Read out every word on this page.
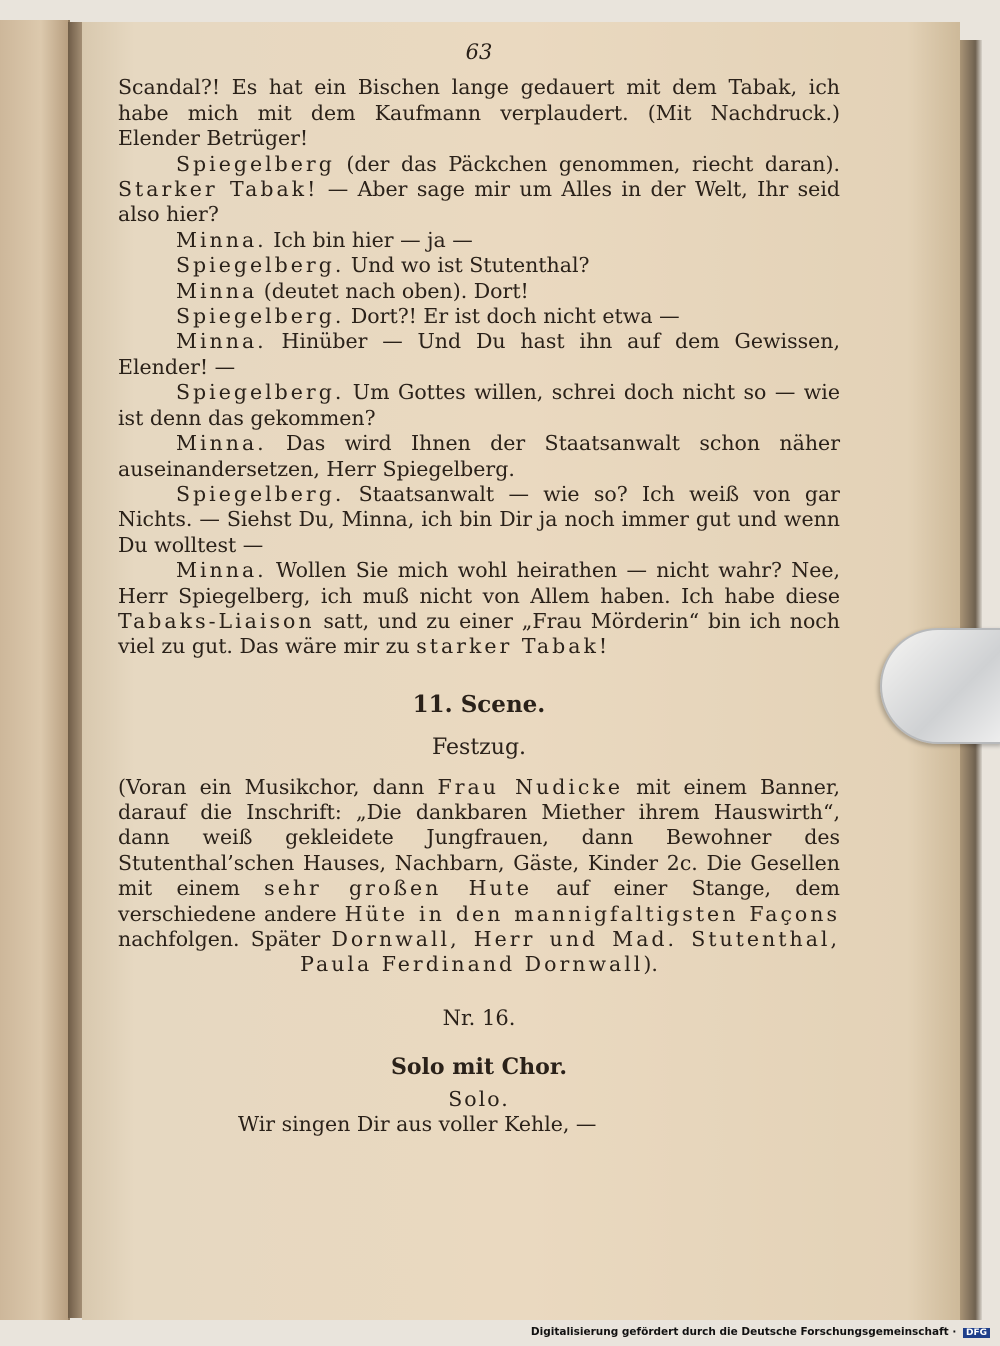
63

Scandal?! Es hat ein Bischen lange gedauert mit dem Tabak, ich habe mich mit dem Kaufmann verplaudert. (Mit Nachdruck.) Elender Betrüger!

Spiegelberg (der das Päckchen genommen, riecht daran). Starker Tabak! — Aber sage mir um Alles in der Welt, Ihr seid also hier?

Minna. Ich bin hier — ja —

Spiegelberg. Und wo ist Stutenthal?

Minna (deutet nach oben). Dort!

Spiegelberg. Dort?! Er ist doch nicht etwa —

Minna. Hinüber — Und Du hast ihn auf dem Gewissen, Elender! —

Spiegelberg. Um Gottes willen, schrei doch nicht so — wie ist denn das gekommen?

Minna. Das wird Ihnen der Staatsanwalt schon näher auseinandersetzen, Herr Spiegelberg.

Spiegelberg. Staatsanwalt — wie so? Ich weiß von gar Nichts. — Siehst Du, Minna, ich bin Dir ja noch immer gut und wenn Du wolltest —

Minna. Wollen Sie mich wohl heirathen — nicht wahr? Nee, Herr Spiegelberg, ich muß nicht von Allem haben. Ich habe diese Tabaks-Liaison satt, und zu einer „Frau Mörderin“ bin ich noch viel zu gut. Das wäre mir zu starker Tabak!

11. Scene.
Festzug.

(Voran ein Musikchor, dann Frau Nudicke mit einem Banner, darauf die Inschrift: „Die dankbaren Miether ihrem Hauswirth“, dann weiß gekleidete Jungfrauen, dann Bewohner des Stutenthal’schen Hauses, Nachbarn, Gäste, Kinder 2c. Die Gesellen mit einem sehr großen Hute auf einer Stange, dem verschiedene andere Hüte in den mannigfaltigsten Façons nachfolgen. Später Dornwall, Herr und Mad. Stutenthal, Paula Ferdinand Dornwall).

Nr. 16.
Solo mit Chor.
Solo.

Wir singen Dir aus voller Kehle, —

Digitalisierung gefördert durch die Deutsche Forschungsgemeinschaft · DFG
